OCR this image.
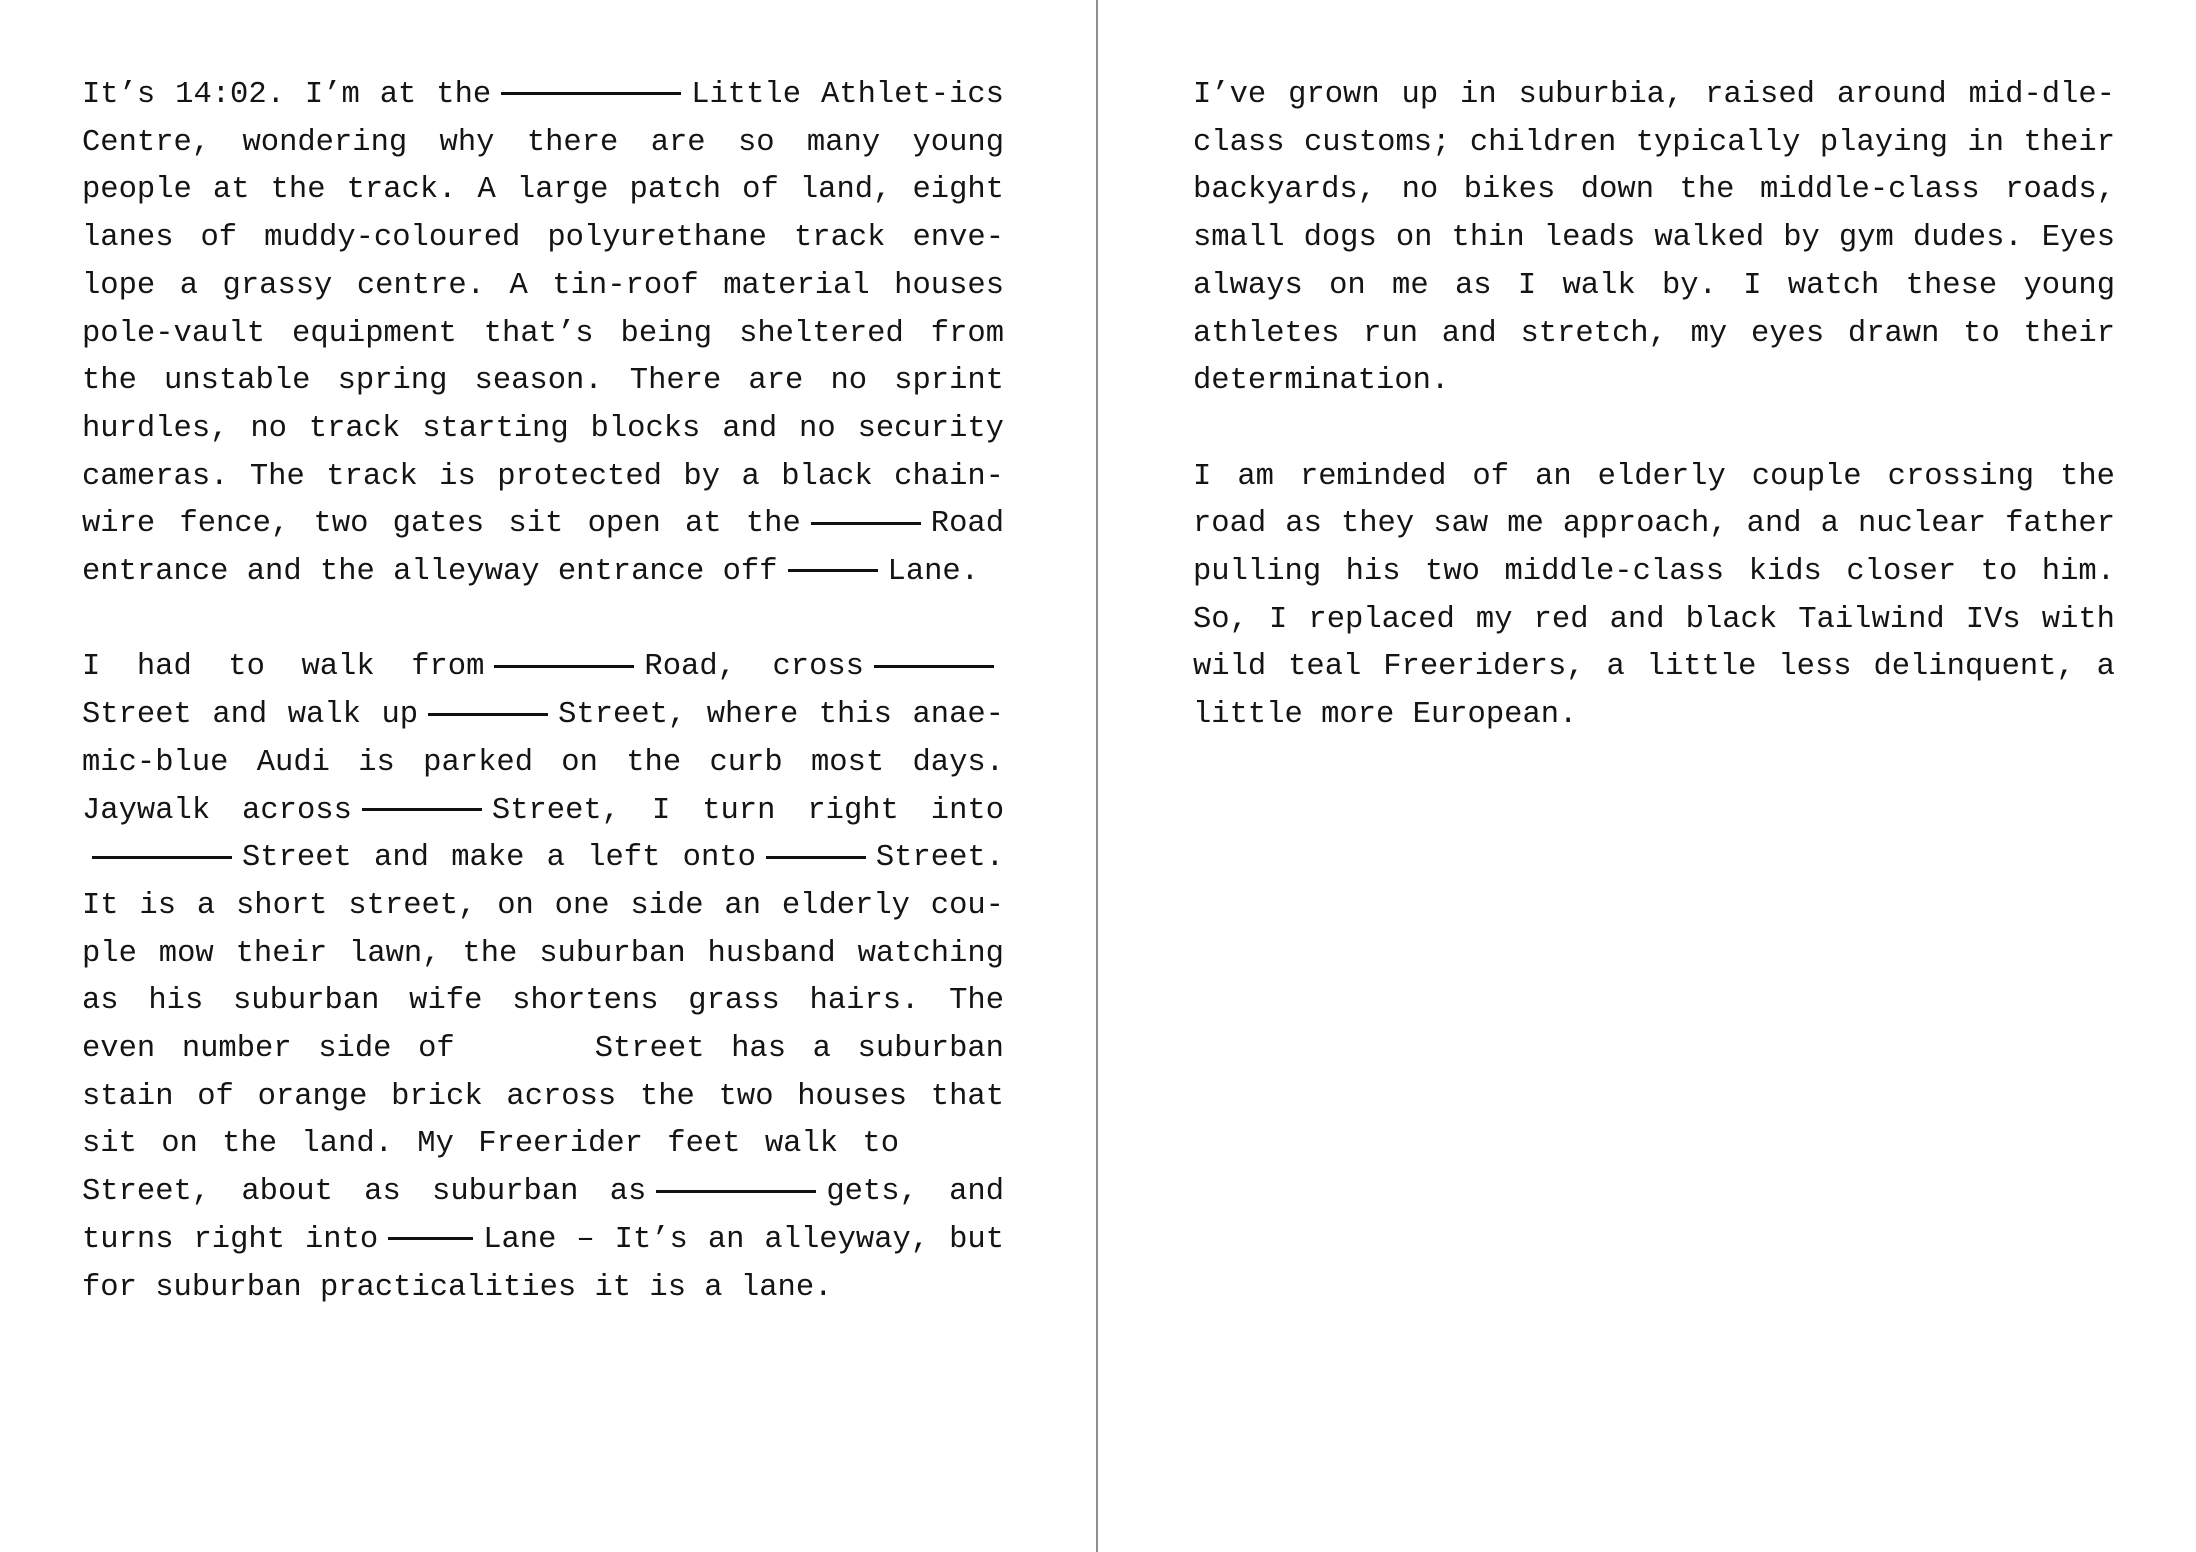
It’s 14:02. I’m at the	Little Athlet-ics Centre, wondering why there are so many young people at the track. A large patch of land, eight lanes of muddy-coloured polyurethane track enve-lope a grassy centre. A tin-roof material houses pole-vault equipment that’s being sheltered from the unstable spring season. There are no sprint hurdles, no track starting blocks and no security cameras. The track is protected by a black chain-wire fence, two gates sit open at the	Road entrance and the alleyway entrance off	Lane.

I had to walk from	Road, crossStreet and walk up	Street, where this anae-mic-blue Audi is parked on the curb most days. Jaywalk across	Street, I turn right intoStreet and make a left onto	Street. It is a short street, on one side an elderly cou-ple mow their lawn, the suburban husband watching as his suburban wife shortens grass hairs. The even number side of	Street has a suburban stain of orange brick across the two houses that sit on the land. My Freerider feet walk toStreet, about as suburban as	gets, and turns right into	Lane – It’s an alleyway, but for suburban practicalities it is a lane.

I’ve grown up in suburbia, raised around mid-dle-class customs; children typically playing in their backyards, no bikes down the middle-class roads, small dogs on thin leads walked by gym dudes. Eyes always on me as I walk by. I watch these young athletes run and stretch, my eyes drawn to their determination.

I am reminded of an elderly couple crossing the road as they saw me approach, and a nuclear father pulling his two middle-class kids closer to him. So, I replaced my red and black Tailwind IVs with wild teal Freeriders, a little less delinquent, a little more European.
